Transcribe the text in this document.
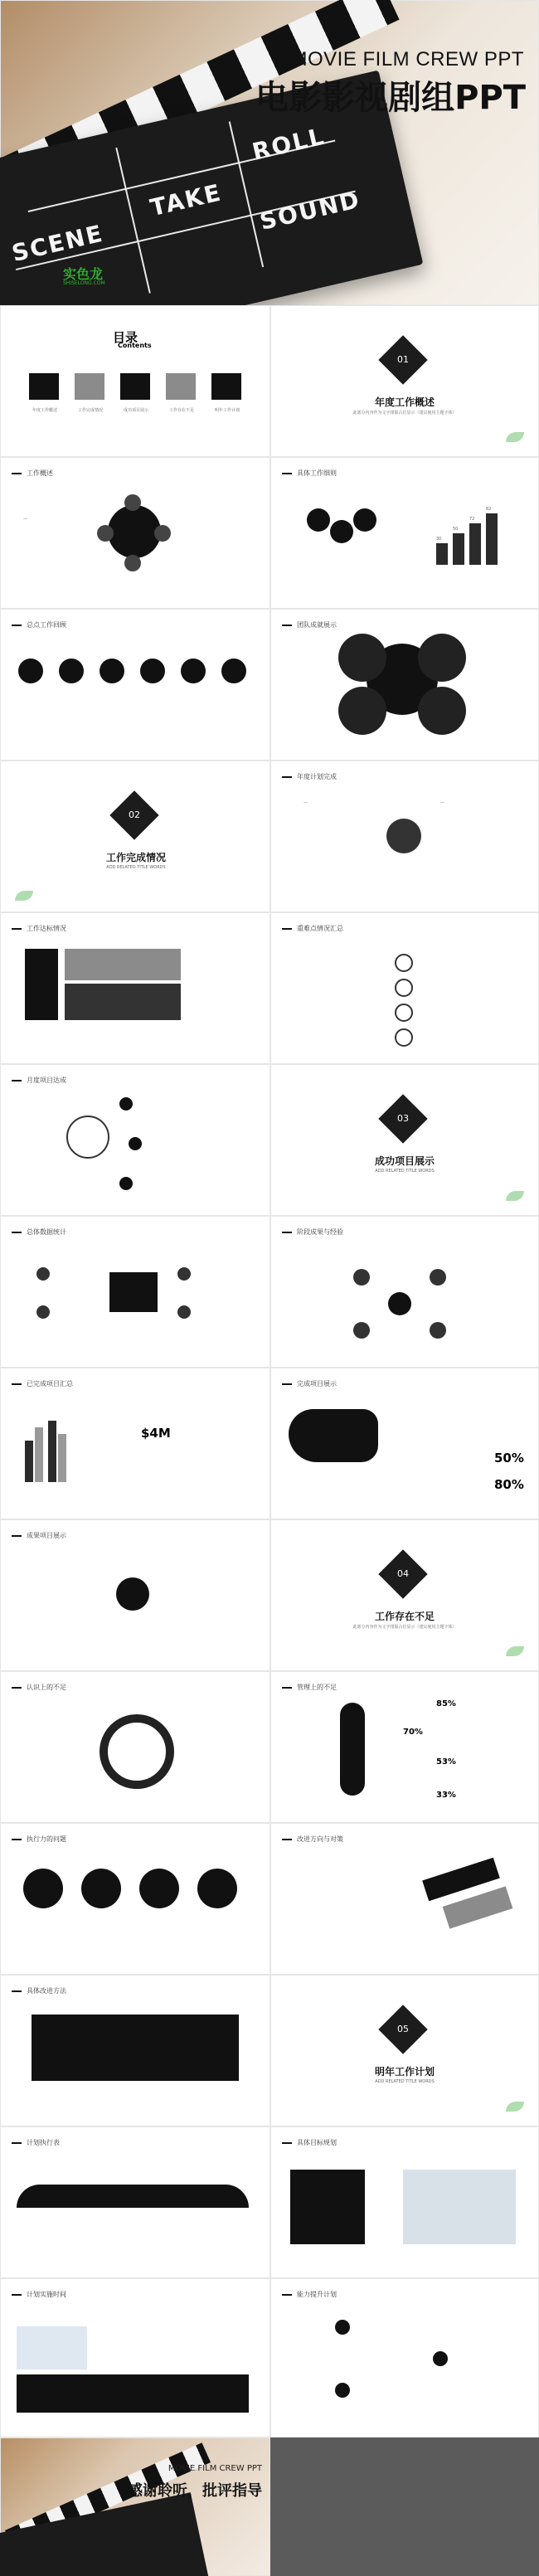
SCENE
TAKE
ROLL
SOUND
MOVIE FILM CREW PPT
电影影视剧组PPT
实色龙
SHISELONG.COM
目录
Contents
年度工作概述	工作完成情况	成功项目展示	工作存在不足	明年工作计划
01
年度工作概述
此部分内容作为文字排版占位显示（建议使用主题字体）
工作概述
—
具体工作细则
30
50
72
82
总点工作回顾	团队成就展示
02
工作完成情况
ADD RELATED TITLE WORDS
年度计划完成
—	—
工作达标情况	重难点情况汇总
月度项目达成
03
成功项目展示
ADD RELATED TITLE WORDS
总体数据统计	阶段成果与经验
已完成项目汇总
$4M
完成项目展示
50%
80%
成果项目展示
04
工作存在不足
此部分内容作为文字排版占位显示（建议使用主题字体）
认识上的不足	管理上的不足
85%
70%
53%
33%
执行力的问题	改进方向与对策
具体改进方法
05
明年工作计划
ADD RELATED TITLE WORDS
计划执行表	具体目标规划
计划实施时间	能力提升计划
MOVIE FILM CREW PPT
感谢聆听，批评指导
